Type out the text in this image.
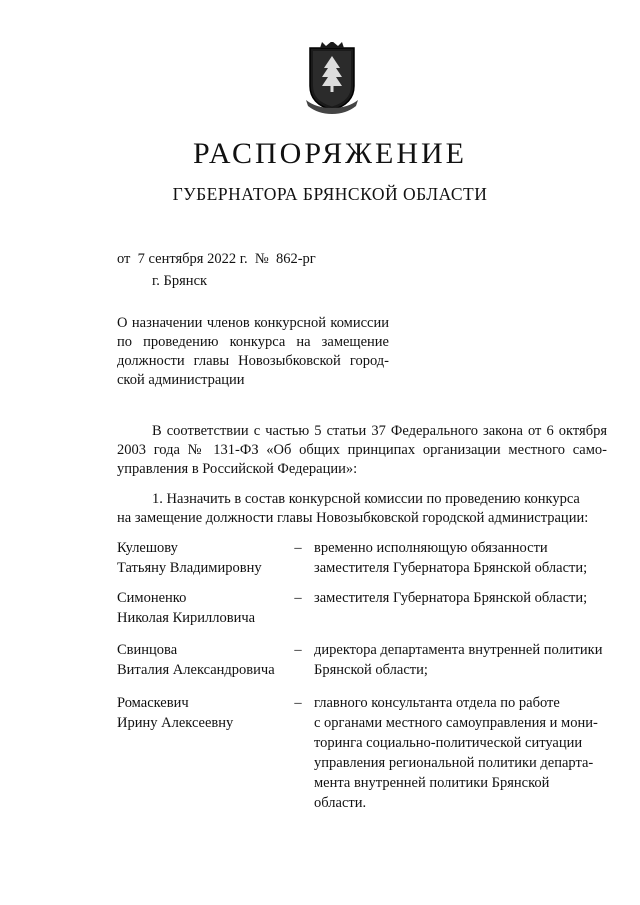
РАСПОРЯЖЕНИЕ
ГУБЕРНАТОРА БРЯНСКОЙ ОБЛАСТИ
от  7 сентября 2022 г.  №  862-рг
г. Брянск
О назначении членов конкурсной комиссии
по проведению конкурса на замещение
должности главы Новозыбковской город-
ской администрации
В соответствии с частью 5 статьи 37 Федерального закона от 6 октября
2003 года № 131-ФЗ «Об общих принципах организации местного само-
управления в Российской Федерации»:
1. Назначить в состав конкурсной комиссии по проведению конкурса
на замещение должности главы Новозыбковской городской администрации:
Кулешову
Татьяну Владимировну
– временно исполняющую обязанности
заместителя Губернатора Брянской области;
Симоненко
Николая Кирилловича
– заместителя Губернатора Брянской области;
Свинцова
Виталия Александровича
– директора департамента внутренней политики
Брянской области;
Ромаскевич
Ирину Алексеевну
– главного консультанта отдела по работе
с органами местного самоуправления и мони-
торинга социально-политической ситуации
управления региональной политики департа-
мента внутренней политики Брянской
области.
